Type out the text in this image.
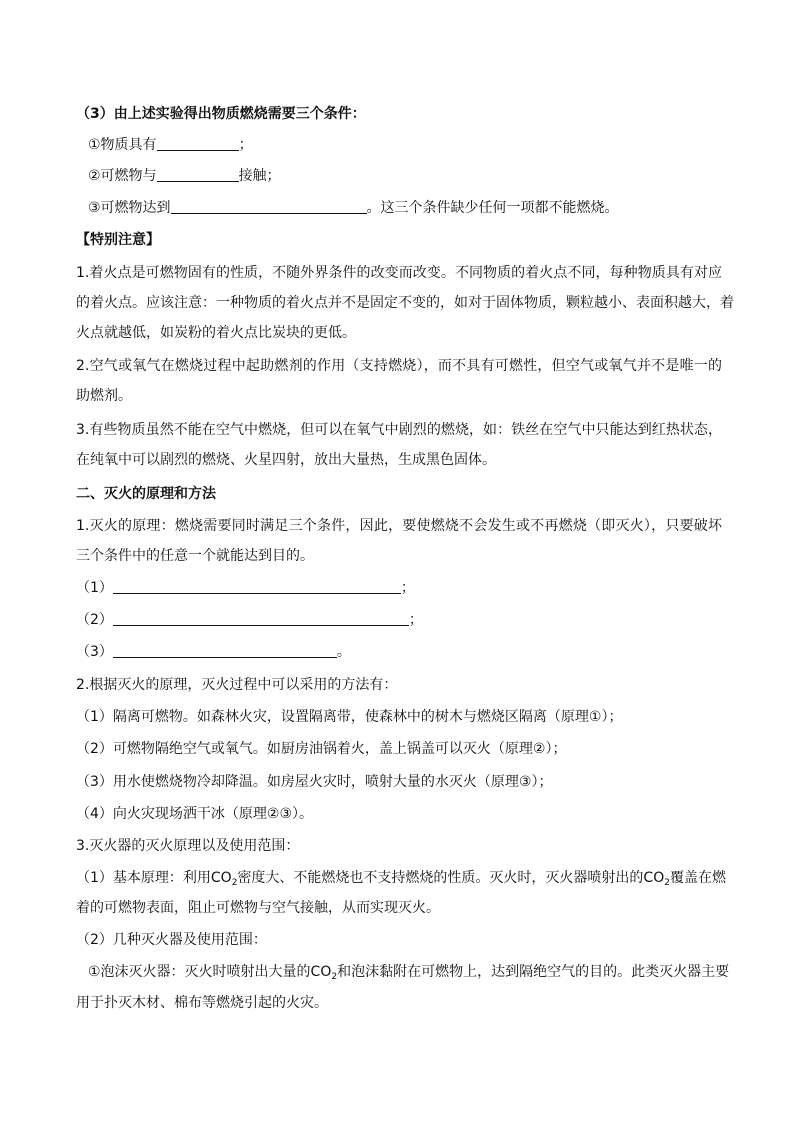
（3）由上述实验得出物质燃烧需要三个条件：
①物质具有	；
②可燃物与	接触；
③可燃物达到	。这三个条件缺少任何一项都不能燃烧。
【特别注意】
1.着火点是可燃物固有的性质，不随外界条件的改变而改变。不同物质的着火点不同，每种物质具有对应
的着火点。应该注意：一种物质的着火点并不是固定不变的，如对于固体物质，颗粒越小、表面积越大，着
火点就越低，如炭粉的着火点比炭块的更低。
2.空气或氧气在燃烧过程中起助燃剂的作用（支持燃烧），而不具有可燃性，但空气或氧气并不是唯一的
助燃剂。
3.有些物质虽然不能在空气中燃烧，但可以在氧气中剧烈的燃烧，如：铁丝在空气中只能达到红热状态，
在纯氧中可以剧烈的燃烧、火星四射，放出大量热，生成黑色固体。
二、灭火的原理和方法
1.灭火的原理：燃烧需要同时满足三个条件，因此，要使燃烧不会发生或不再燃烧（即灭火），只要破坏
三个条件中的任意一个就能达到目的。
（1）	；
（2）	；
（3）	。
2.根据灭火的原理，灭火过程中可以采用的方法有：
（1）隔离可燃物。如森林火灾，设置隔离带，使森林中的树木与燃烧区隔离（原理①）；
（2）可燃物隔绝空气或氧气。如厨房油锅着火，盖上锅盖可以灭火（原理②）；
（3）用水使燃烧物冷却降温。如房屋火灾时，喷射大量的水灭火（原理③）；
（4）向火灾现场洒干冰（原理②③）。
3.灭火器的灭火原理以及使用范围：
（1）基本原理：利用$CO_2$密度大、不能燃烧也不支持燃烧的性质。灭火时，灭火器喷射出的$CO_2$覆盖在燃
着的可燃物表面，阻止可燃物与空气接触，从而实现灭火。
（2）几种灭火器及使用范围：
①泡沫灭火器：灭火时喷射出大量的$CO_2$和泡沫黏附在可燃物上，达到隔绝空气的目的。此类灭火器主要
用于扑灭木材、棉布等燃烧引起的火灾。
